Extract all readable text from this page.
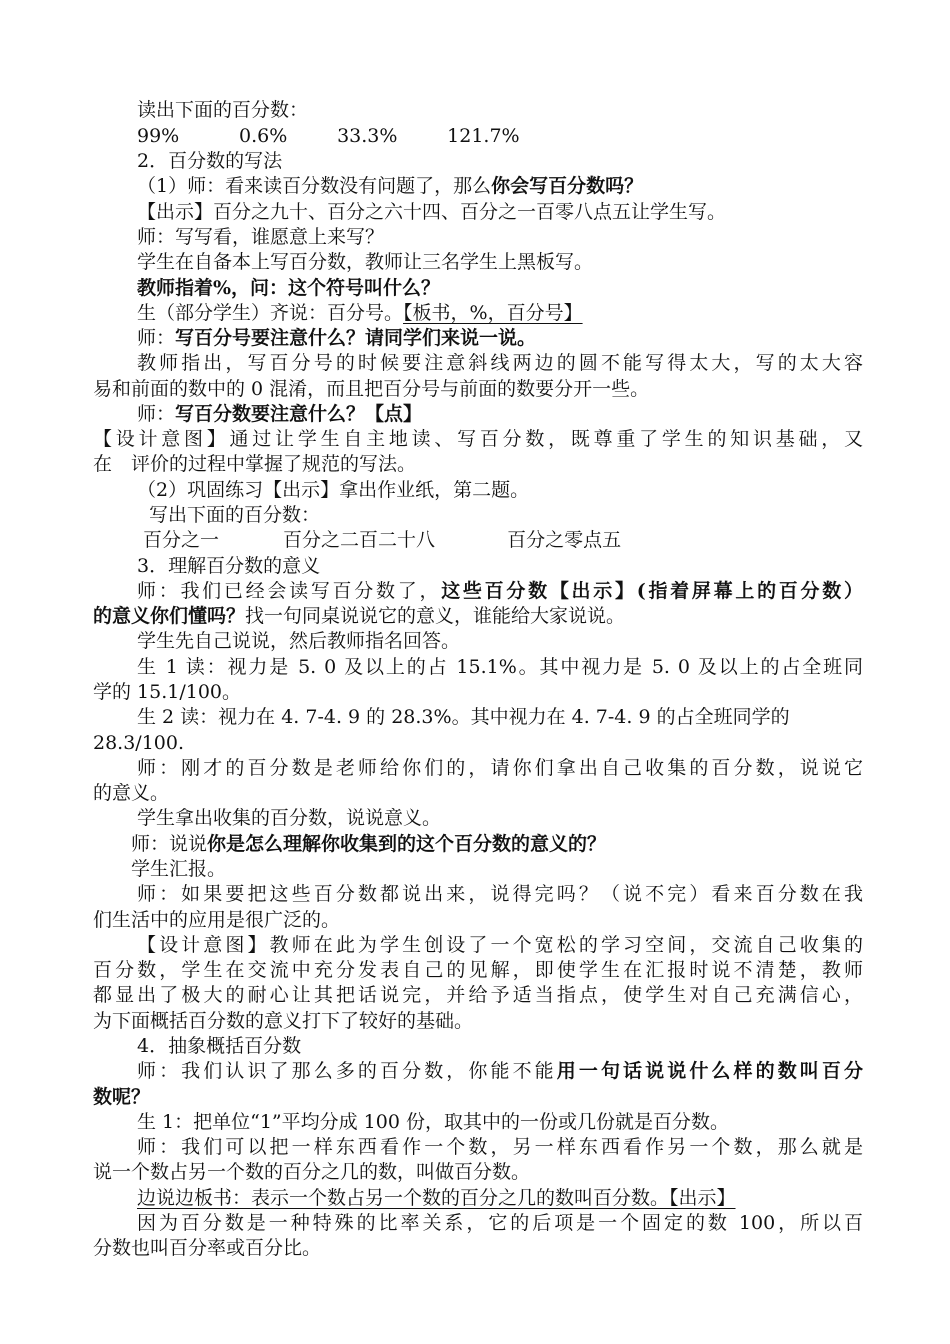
读出下面的百分数：
99%	0.6%	33.3%	121.7%
2．百分数的写法
（1）师：看来读百分数没有问题了，那么你会写百分数吗？
【出示】百分之九十、百分之六十四、百分之一百零八点五让学生写。
师：写写看，谁愿意上来写？
学生在自备本上写百分数，教师让三名学生上黑板写。
教师指着%，问：这个符号叫什么？
生（部分学生）齐说：百分号。【板书，%，百分号】
师：写百分号要注意什么？请同学们来说一说。
教师指出，写百分号的时候要注意斜线两边的圆不能写得太大，写的太大容
易和前面的数中的 0 混淆，而且把百分号与前面的数要分开一些。
师：写百分数要注意什么？【点】
【设计意图】通过让学生自主地读、写百分数，既尊重了学生的知识基础，又
在　评价的过程中掌握了规范的写法。
（2）巩固练习【出示】拿出作业纸，第二题。
写出下面的百分数：
百分之一	百分之二百二十八	百分之零点五
3．理解百分数的意义
师：我们已经会读写百分数了，这些百分数【出示】(指着屏幕上的百分数）
的意义你们懂吗？找一句同桌说说它的意义，谁能给大家说说。
学生先自己说说，然后教师指名回答。
生 1 读：视力是 5. 0 及以上的占 15.1%。其中视力是 5. 0 及以上的占全班同
学的 15.1/100。
生 2 读：视力在 4. 7-4. 9 的 28.3%。其中视力在 4. 7-4. 9 的占全班同学的
28.3/100.
师：刚才的百分数是老师给你们的，请你们拿出自己收集的百分数，说说它
的意义。
学生拿出收集的百分数，说说意义。
师：说说你是怎么理解你收集到的这个百分数的意义的？
学生汇报。
师：如果要把这些百分数都说出来，说得完吗？（说不完）看来百分数在我
们生活中的应用是很广泛的。
【设计意图】教师在此为学生创设了一个宽松的学习空间，交流自己收集的
百分数，学生在交流中充分发表自己的见解，即使学生在汇报时说不清楚，教师
都显出了极大的耐心让其把话说完，并给予适当指点，使学生对自己充满信心，
为下面概括百分数的意义打下了较好的基础。
4．抽象概括百分数
师：我们认识了那么多的百分数，你能不能用一句话说说什么样的数叫百分
数呢？
生 1：把单位“1”平均分成 100 份，取其中的一份或几份就是百分数。
师：我们可以把一样东西看作一个数，另一样东西看作另一个数，那么就是
说一个数占另一个数的百分之几的数，叫做百分数。
边说边板书：表示一个数占另一个数的百分之几的数叫百分数。【出示】
因为百分数是一种特殊的比率关系，它的后项是一个固定的数 100，所以百
分数也叫百分率或百分比。
